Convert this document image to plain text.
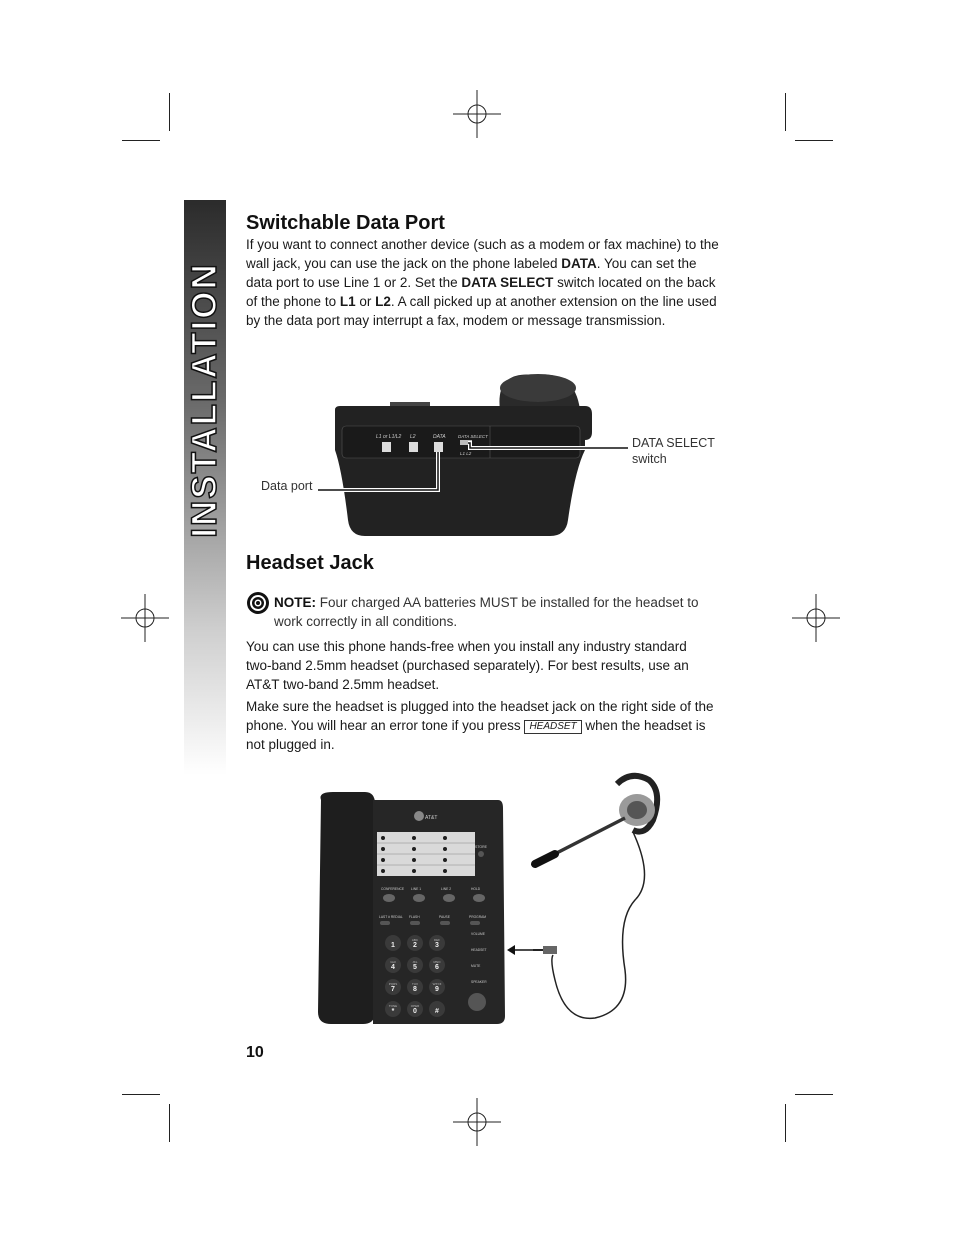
INSTALLATION
Switchable Data Port

If you want to connect another device (such as a modem or fax machine) to the wall jack, you can use the jack on the phone labeled DATA. You can set the data port to use Line 1 or 2. Set the DATA SELECT switch located on the back of the phone to L1 or L2. A call picked up at another extension on the line used by the data port may interrupt a fax, modem or message transmission.

L1 or L1/L2 L2	DATA	DATA SELECT
L1 L2
DATA SELECT
switch
Data port
Headset Jack
NOTE: Four charged AA batteries MUST be installed for the headset to work correctly in all conditions.

You can use this phone hands-free when you install any industry standard two-band 2.5mm headset (purchased separately). For best results, use an AT&T two-band 2.5mm headset.

Make sure the headset is plugged into the headset jack on the right side of the phone. You will hear an error tone if you press HEADSET when the headset is not plugged in.

AT&T
STORE
CONFERENCE LINE 1	LINE 2	HOLD
LAST # REDIAL FLASH	PAUSE	PROGRAM
1
ABC
2
DEF
3
GHI
4
JKL
5
MNO
6
PQRS
7
TUV
8
WXYZ
9
TONE
*
OPER
0	#
VOLUME
HEADSET
MUTE
SPEAKER
10
